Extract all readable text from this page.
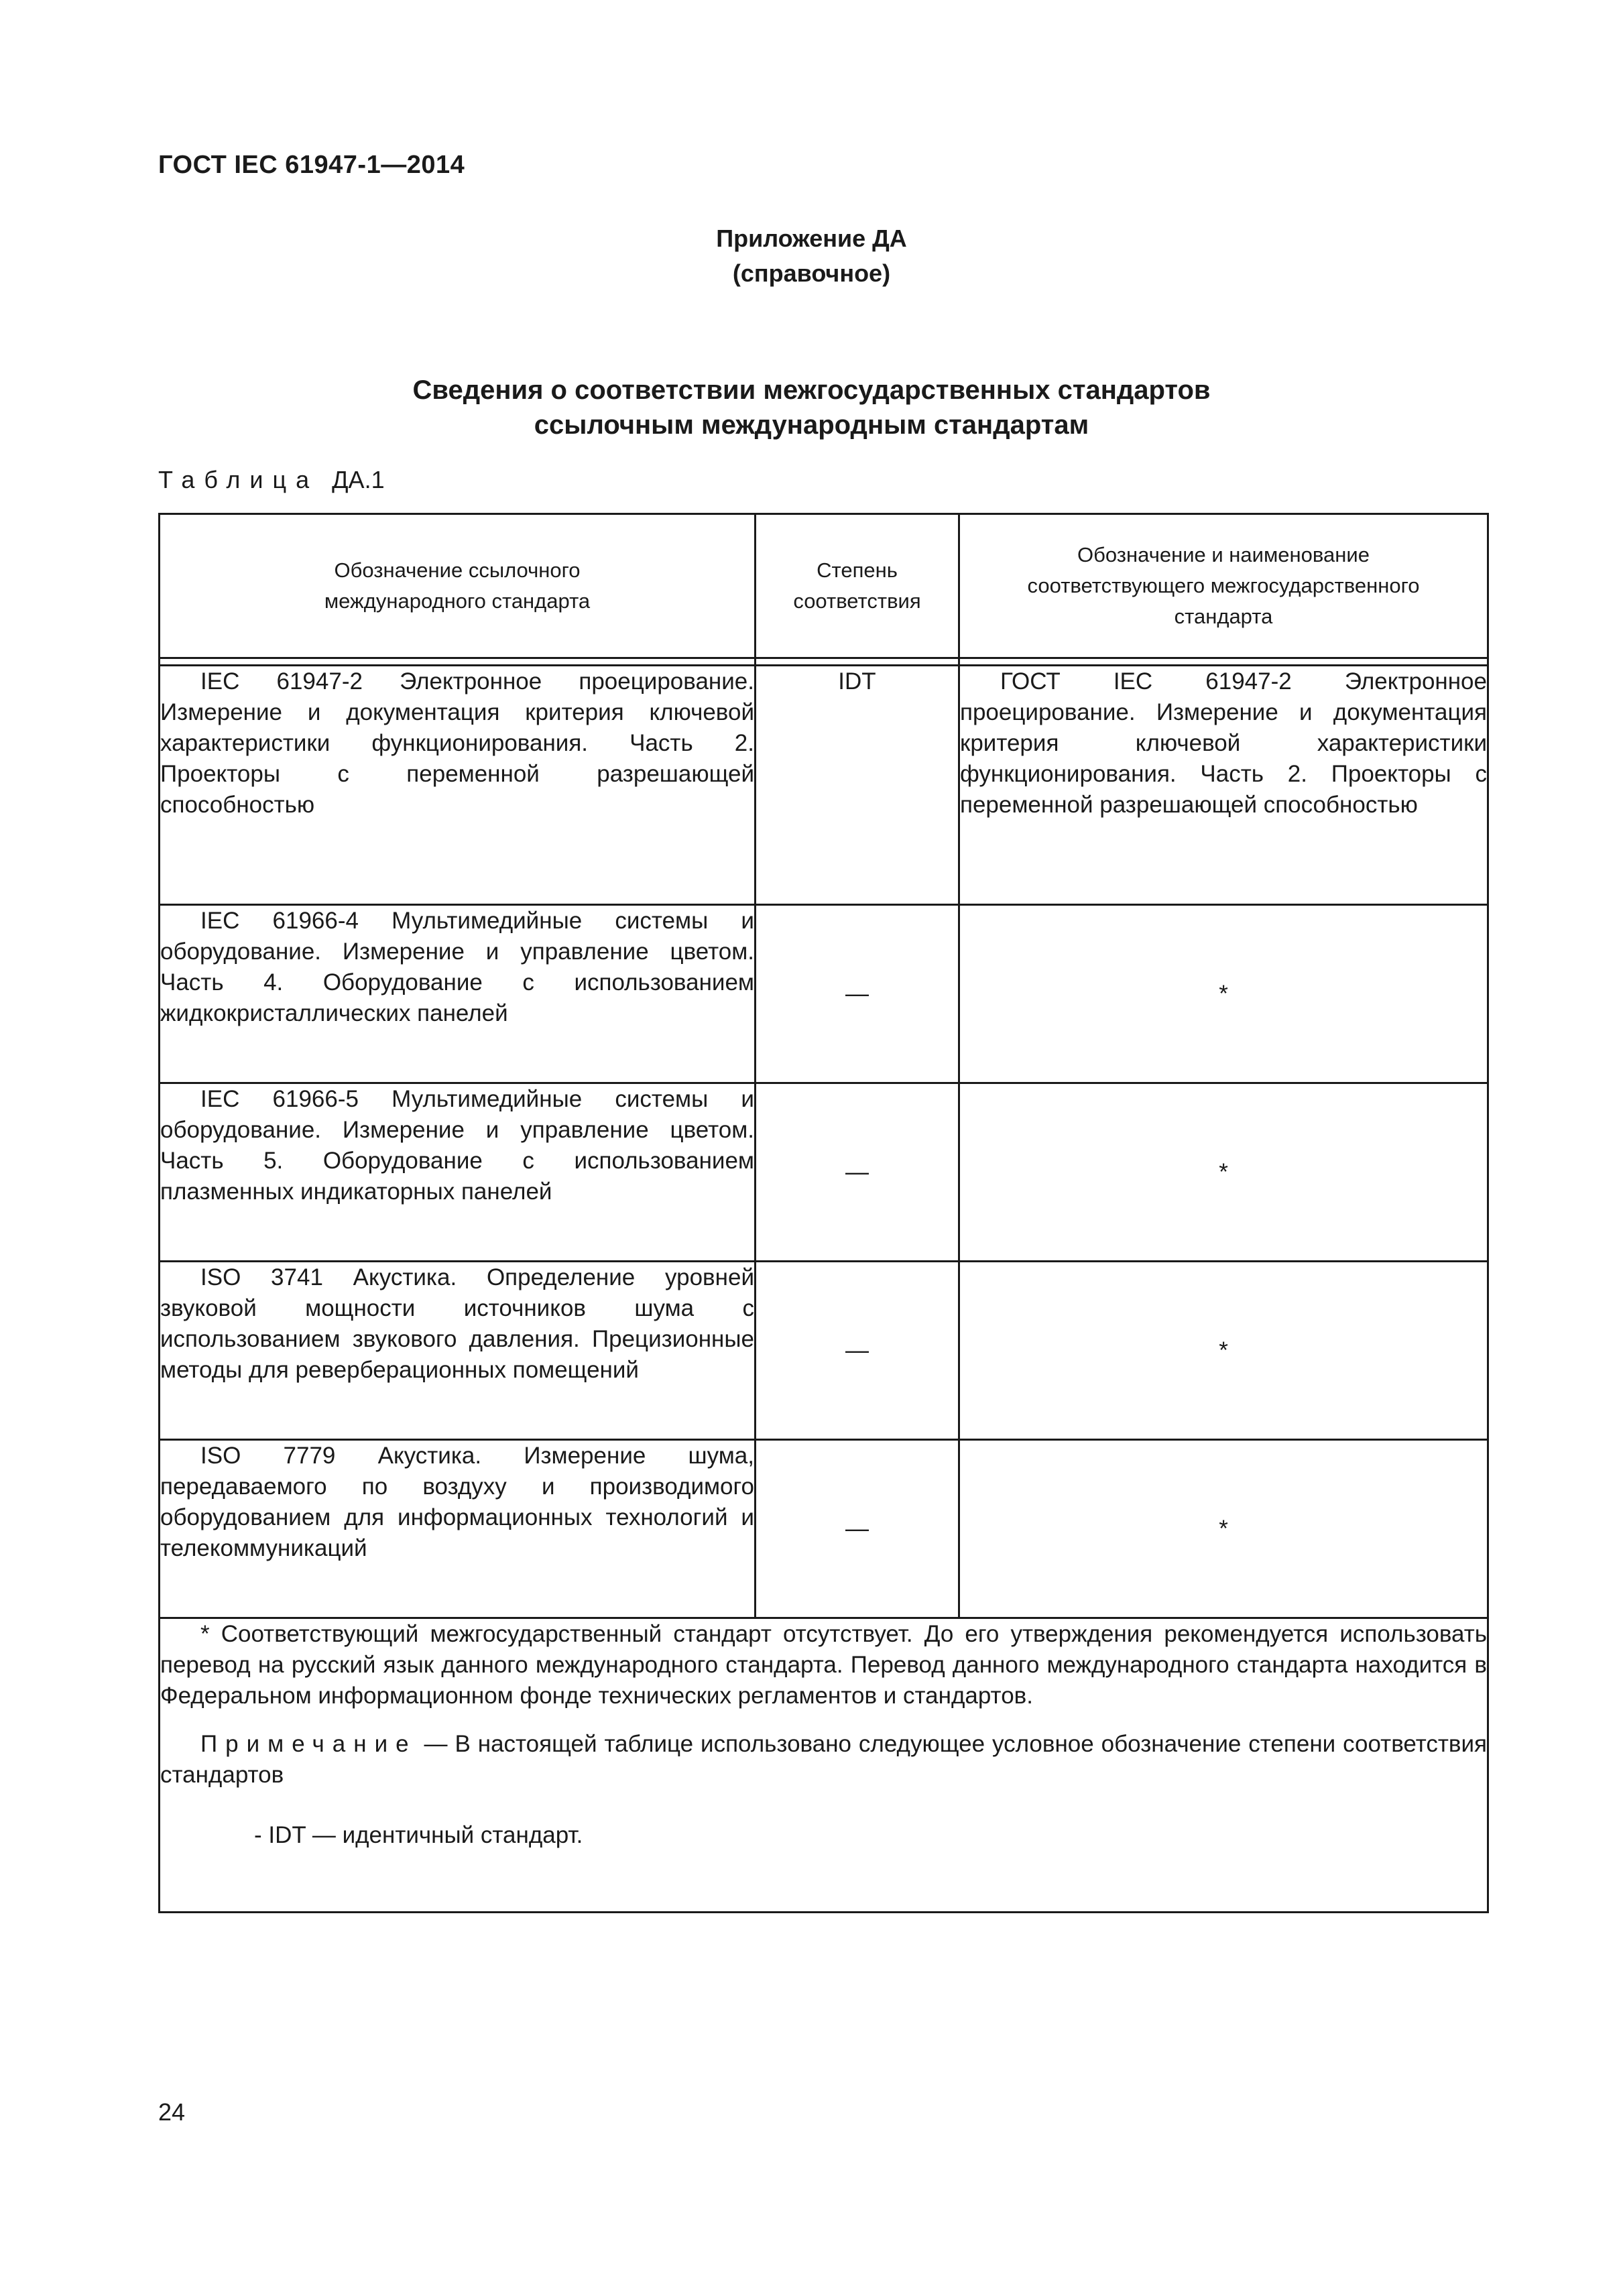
ГОСТ IEC 61947-1—2014
Приложение ДА
(справочное)
Сведения о соответствии межгосударственных стандартов
ссылочным международным стандартам
Таблица ДА.1
Обозначение ссылочного международного стандарта	Степень соответствия	Обозначение и наименование соответствующего межгосударственного стандарта

IEC 61947-2 Электронное проецирование. Измерение и документация критерия ключевой характеристики функционирования. Часть 2. Проекторы с переменной разрешающей способностью	IDT	ГОСТ IEC 61947-2 Электронное проецирование. Измерение и документация критерия ключевой характеристики функционирования. Часть 2. Проекторы с переменной разрешающей способностью
IEC 61966-4 Мультимедийные системы и оборудование. Измерение и управление цветом. Часть 4. Оборудование с использованием жидкокристаллических панелей	—	*
IEC 61966-5 Мультимедийные системы и оборудование. Измерение и управление цветом. Часть 5. Оборудование с использованием плазменных индикаторных панелей	—	*
ISO 3741 Акустика. Определение уровней звуковой мощности источников шума с использованием звукового давления. Прецизионные методы для реверберационных помещений	—	*
ISO 7779 Акустика. Измерение шума, передаваемого по воздуху и производимого оборудованием для информационных технологий и телекоммуникаций	—	*

* Соответствующий межгосударственный стандарт отсутствует. До его утверждения рекомендуется использовать перевод на русский язык данного международного стандарта. Перевод данного международного стандарта находится в Федеральном информационном фонде технических регламентов и стандартов.

Примечание — В настоящей таблице использовано следующее условное обозначение степени соответствия стандартов

- IDT — идентичный стандарт.		

24
